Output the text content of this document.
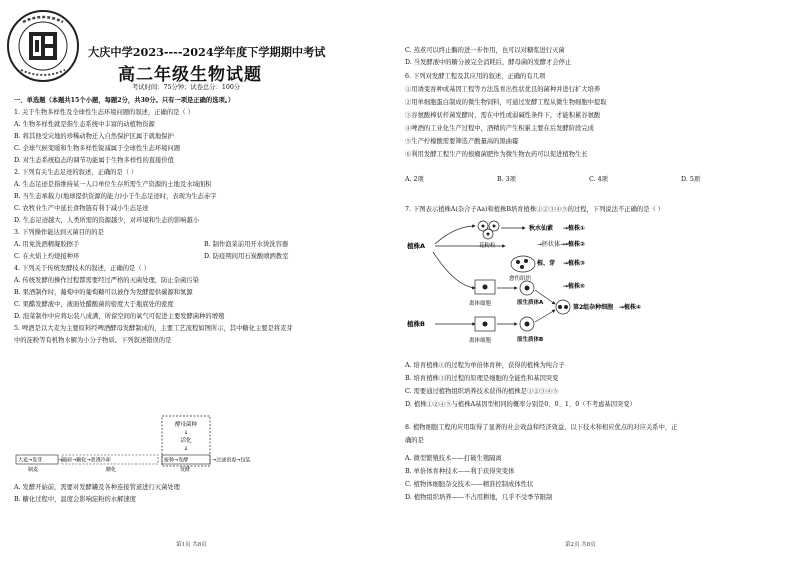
大庆中学2023----2024学年度下学期期中考试
高二年级生物试题
考试时间：75分钟；试卷总分：100分
一、单选题（本题共15个小题，每题2分，共30分。只有一项是正确的选项。）
1. 关于生物多样性及全球性生态环境问题的叙述，正确的是（ ）
A. 生物多样性就是指生态系统中丰富的动植物资源
B. 将其他受灾地的珍稀动物迁入自然保护区属于就地保护
C. 全球气候变暖和生物多样性锐减属于全球性生态环境问题
D. 对生态系统稳态的调节功能属于生物多样性的直接价值
2. 下列有关生态足迹的叙述，正确的是（ ）
A. 生态足迹是指维持某一人口单位生存所需生产资源的土地及水域面积
B. 当生态承载力(地球提供资源的能力)小于生态足迹时，表现为生态赤字
C. 农牧业生产中延长食物链有利于减小生态足迹
D. 生态足迹越大，人类所需的资源越少，对环境和生态的影响越小
3. 下列操作能达到灭菌目的的是
A. 用免洗酒精凝胶擦手	B. 制作泡菜前用开水烫洗容器
C. 在火焰上灼烧接种环	D. 防疫期间用石炭酸喷洒教室
4. 下列关于传统发酵技术的叙述，正确的是（ ）
A. 传统发酵的操作过程都需要经过严格的灭菌处理，防止杂菌污染
B. 果酒制作时，葡萄中的葡萄糖可以被作为发酵提供碳源和氮源
C. 果醋发酵液中，液面处醋酸菌的密度大于瓶底处的密度
D. 泡菜制作中应将坛装八成满，所留空间的氧气可促进主要发酵菌种的增殖
5. 啤酒是以大麦为主要原料经啤酒酵母发酵制成的，主要工艺流程如图所示，其中糖化主要是将麦芽
中的淀粉等有机物水解为小分子物质。下列叙述错误的是
酵母菌种
↓
活化
↓
大麦→发芽	→破碎→糖化→煮沸冷却	接种→发酵	→过滤消毒→包装
制麦	糖化	发酵
A. 发酵开始前，需要对发酵罐及各种连接管道进行灭菌处理
B. 糖化过程中，温度会影响淀粉的水解速度
第1页 共8页
C. 蒸煮可以终止酶的进一步作用，也可以对糖浆进行灭菌
D. 当发酵液中的糖分被完全消耗后，酵母菌的发酵才会停止
6. 下列对发酵工程及其应用的叙述，正确的有几项
①用诱变育种或基因工程等方法选育出性状优良的菌种并进行扩大培养
②用单细胞蛋白制成的微生物饲料，可通过发酵工程从微生物细胞中提取
③谷氨酸棒状杆菌发酵时，需在中性或弱碱性条件下，才能积累谷氨酸
④啤酒的工业化生产过程中，酒精的产生积累主要在后发酵阶段完成
⑤生产柠檬酸需要筛选产酸量高的黑曲霉
⑥利用发酵工程生产的根瘤菌肥作为微生物农药可以促进植物生长
A. 2项	B. 3项	C. 4项	D. 5项
7. 下图表示植株A(杂合子Aa)和植株B培育植株①②③④⑤的过程，下列说法不正确的是（ ）
植株A
植株B
花粉粒
秋水仙素 →植株①
→植株②
愈伤组织
→胚状体→
→植株③
根、芽
离体细胞	原生质体A
离体细胞	原生质体B
第2组杂种细胞 →植株④
→植株⑤
A. 培育植株①的过程为单倍体育种，获得的植株为纯合子
B. 培育植株③的过程的原理是细胞的全能性和基因突变
C. 需要通过植物组织培养技术获得的植株是①②③④⑤
D. 植株①②④⑤与植株A基因型相同的概率分别是0、0、1、0（不考虑基因突变）
8. 植物细胞工程的应用取得了显著的社会效益和经济效益，以下技术和相应优点的对应关系中，正
确的是
A. 微型繁殖技术——打破生殖隔离
B. 单倍体育种技术——利于获得突变体
C. 植物体细胞杂交技术——精准控制成体性状
D. 植物组织培养——不占用耕地，几乎不受季节限制
第2页 共8页
